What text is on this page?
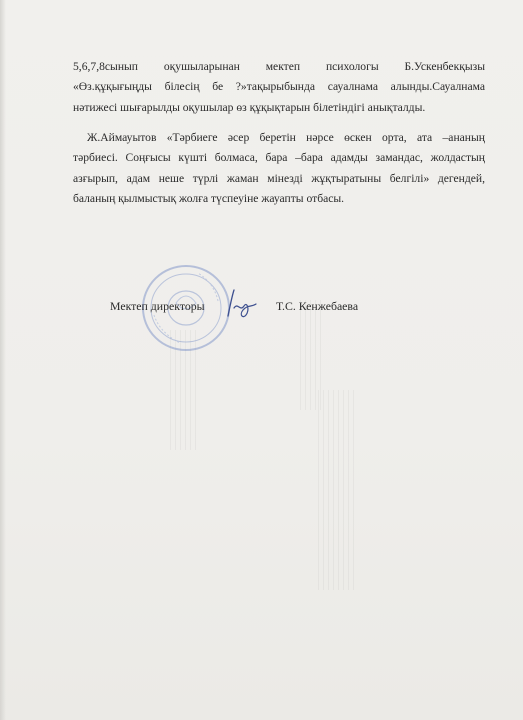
5,6,7,8сынып оқушыларынан мектеп психологы Б.Ускенбекқызы
«Өз.құқығыңды білесің бе ?»тақырыбында сауалнама алынды.Сауалнама
нәтижесі шығарылды оқушылар өз құқықтарын білетіндігі анықталды.

Ж.Аймауытов «Тәрбиеге әсер беретін нәрсе өскен орта, ата –ананың
тәрбиесі. Соңғысы күшті болмаса, бара –бара адамды замандас, жолдастың
азғырып, адам неше түрлі жаман мінезді жұқтыратыны белгілі» дегендей,
баланың қылмыстық жолға түспеуіне жауапты отбасы.

Мектеп директоры	Т.С. Кенжебаева
